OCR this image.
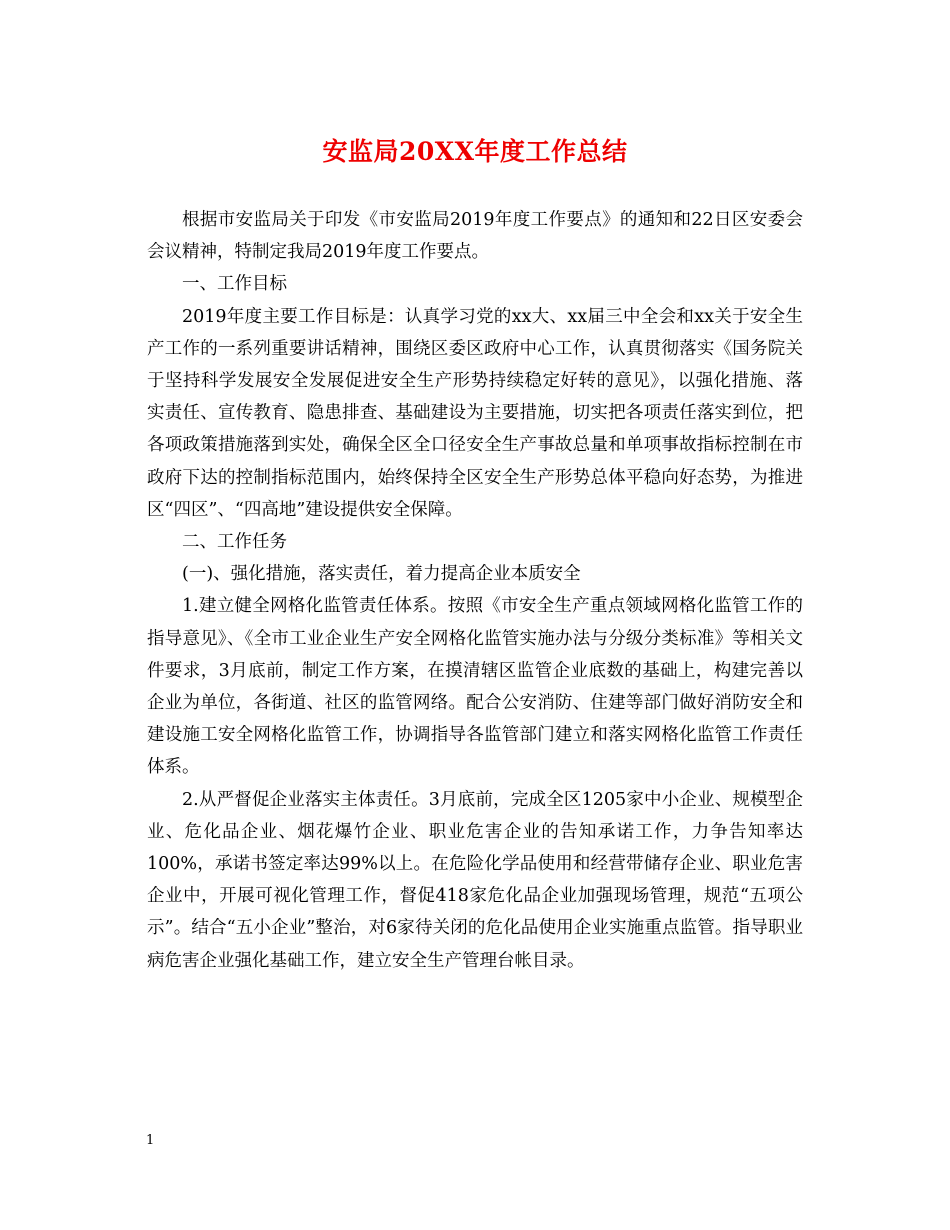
安监局20XX年度工作总结

根据市安监局关于印发《市安监局2019年度工作要点》的通知和22日区安委会会议精神，特制定我局2019年度工作要点。

一、工作目标

2019年度主要工作目标是：认真学习党的xx大、xx届三中全会和xx关于安全生产工作的一系列重要讲话精神，围绕区委区政府中心工作，认真贯彻落实《国务院关于坚持科学发展安全发展促进安全生产形势持续稳定好转的意见》，以强化措施、落实责任、宣传教育、隐患排查、基础建设为主要措施，切实把各项责任落实到位，把各项政策措施落到实处，确保全区全口径安全生产事故总量和单项事故指标控制在市政府下达的控制指标范围内，始终保持全区安全生产形势总体平稳向好态势，为推进区“四区”、“四高地”建设提供安全保障。

二、工作任务

(一)、强化措施，落实责任，着力提高企业本质安全

1.建立健全网格化监管责任体系。按照《市安全生产重点领域网格化监管工作的指导意见》、《全市工业企业生产安全网格化监管实施办法与分级分类标准》等相关文件要求，3月底前，制定工作方案，在摸清辖区监管企业底数的基础上，构建完善以企业为单位，各街道、社区的监管网络。配合公安消防、住建等部门做好消防安全和建设施工安全网格化监管工作，协调指导各监管部门建立和落实网格化监管工作责任体系。

2.从严督促企业落实主体责任。3月底前，完成全区1205家中小企业、规模型企业、危化品企业、烟花爆竹企业、职业危害企业的告知承诺工作，力争告知率达100%，承诺书签定率达99%以上。在危险化学品使用和经营带储存企业、职业危害企业中，开展可视化管理工作，督促418家危化品企业加强现场管理，规范“五项公示”。结合“五小企业”整治，对6家待关闭的危化品使用企业实施重点监管。指导职业病危害企业强化基础工作，建立安全生产管理台帐目录。

1
